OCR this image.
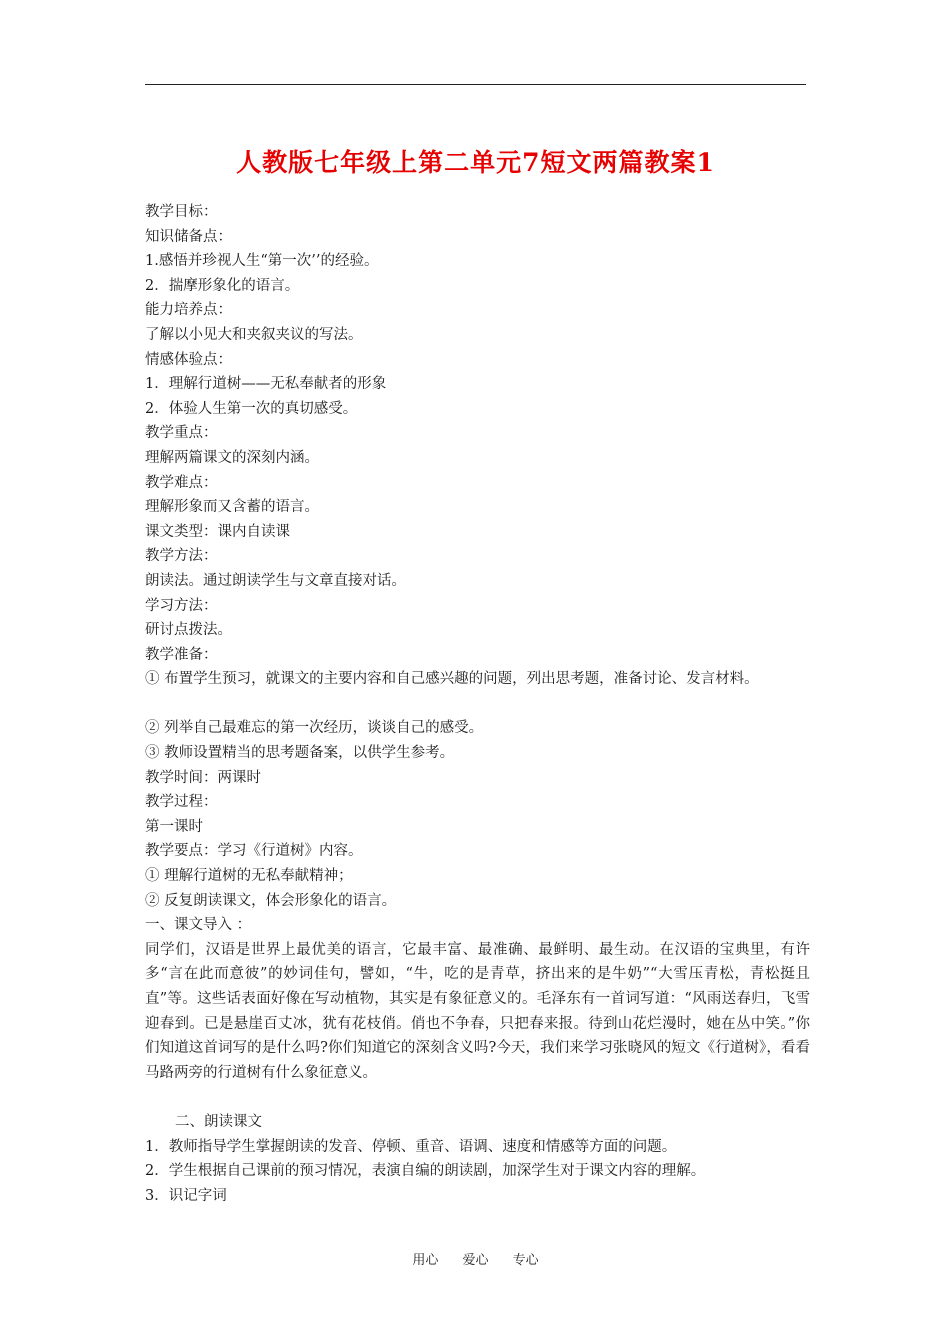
人教版七年级上第二单元7短文两篇教案1

教学目标：

知识储备点：

1.感悟并珍视人生“第一次’’的经验。

2．揣摩形象化的语言。

能力培养点：

了解以小见大和夹叙夹议的写法。

情感体验点：

1．理解行道树——无私奉献者的形象

2．体验人生第一次的真切感受。

教学重点：

理解两篇课文的深刻内涵。

教学难点：

理解形象而又含蓄的语言。

课文类型：课内自读课

教学方法：

朗读法。通过朗读学生与文章直接对话。

学习方法：

研讨点拨法。

教学准备：

① 布置学生预习，就课文的主要内容和自己感兴趣的问题，列出思考题，准备讨论、发言材料。

② 列举自己最难忘的第一次经历，谈谈自己的感受。

③ 教师设置精当的思考题备案，以供学生参考。

教学时间：两课时

教学过程：

第一课时

教学要点：学习《行道树》内容。

① 理解行道树的无私奉献精神；

② 反复朗读课文，体会形象化的语言。

一、课文导入 ：

同学们，汉语是世界上最优美的语言，它最丰富、最准确、最鲜明、最生动。在汉语的宝典里，有许多“言在此而意彼”的妙词佳句，譬如，“牛，吃的是青草，挤出来的是牛奶”“大雪压青松，青松挺且直”等。这些话表面好像在写动植物，其实是有象征意义的。毛泽东有一首词写道：“风雨送春归，飞雪迎春到。已是悬崖百丈冰，犹有花枝俏。俏也不争春，只把春来报。待到山花烂漫时，她在丛中笑。”你们知道这首词写的是什么吗?你们知道它的深刻含义吗?今天，我们来学习张晓风的短文《行道树》，看看马路两旁的行道树有什么象征意义。

二、朗读课文

1．教师指导学生掌握朗读的发音、停顿、重音、语调、速度和情感等方面的问题。

2．学生根据自己课前的预习情况，表演自编的朗读剧，加深学生对于课文内容的理解。

3．识记字词

用心 爱心 专心
